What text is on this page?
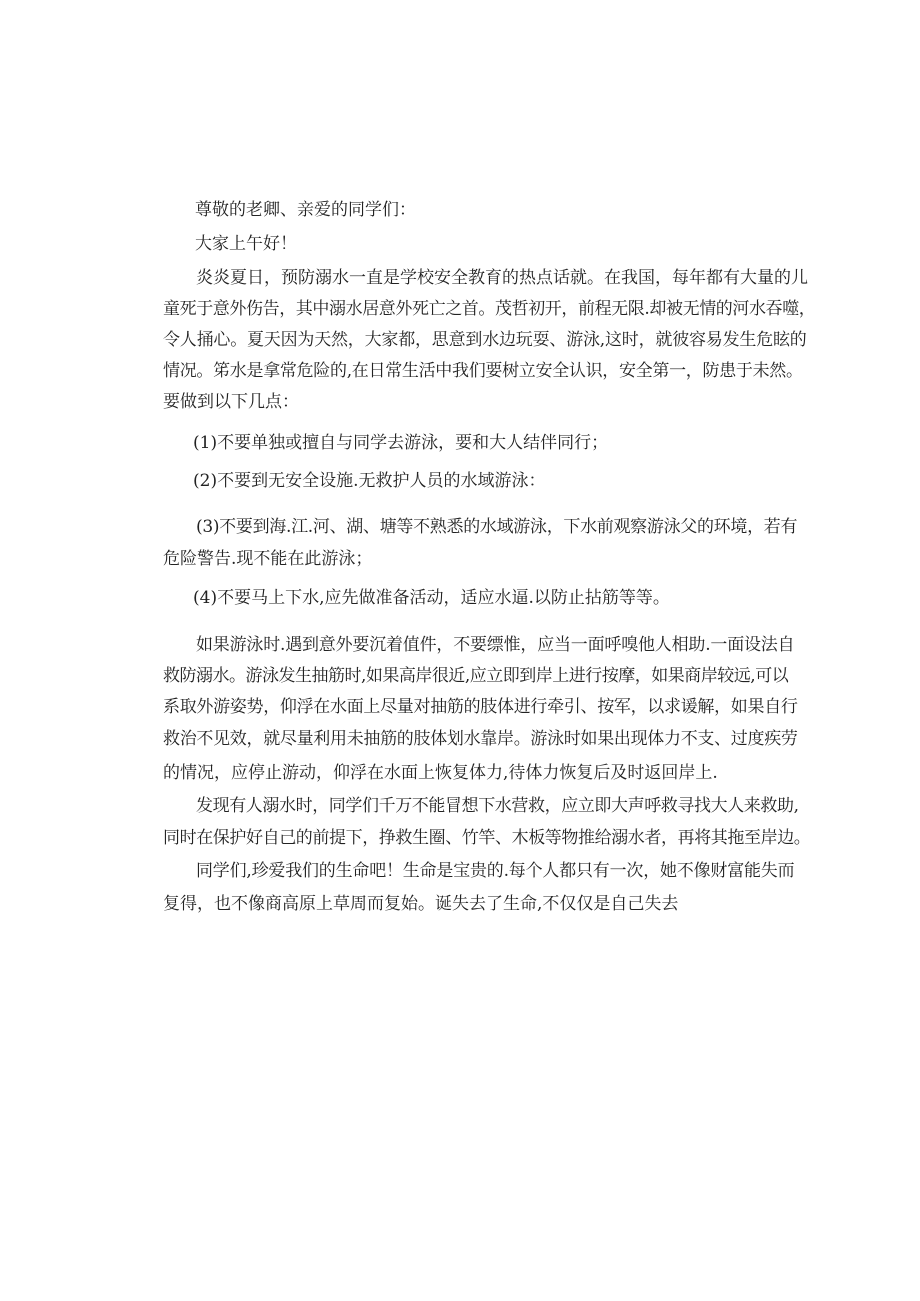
尊敬的老卿、亲爱的同学们：
大家上午好！
炎炎夏日，预防溺水一直是学校安全教育的热点话就。在我国，每年都有大量的儿
童死于意外伤告，其中溺水居意外死亡之首。茂哲初开，前程无限.却被无情的河水吞噬，
令人捅心。夏天因为天然，大家都，思意到水边玩耍、游泳,这时，就彼容易发生危眩的
情况。笫水是拿常危险的,在日常生活中我们要树立安全认识，安全第一，防患于未然。
要做到以下几点：
(1)不要单独或擅自与同学去游泳，要和大人结伴同行；
(2)不要到无安全设施.无救护人员的水域游泳：
(3)不要到海.江.河、湖、塘等不熟悉的水域游泳，下水前观察游泳父的环境，若有
危险警告.现不能在此游泳；
(4)不要马上下水,应先做准备活动，适应水逼.以防止拈筋等等。
如果游泳时.遇到意外要沉着值件，不要缥惟，应当一面呼嗅他人相助.一面设法自
救防溺水。游泳发生抽筋时,如果高岸很近,应立即到岸上进行按摩，如果商岸较远,可以
系取外游姿势，仰浮在水面上尽量对抽筋的肢体进行牵引、按军，以求谖解，如果自行
救治不见效，就尽量利用未抽筋的肢体划水靠岸。游泳时如果出现体力不支、过度疾劳
的情况，应停止游动，仰浮在水面上恢复体力,待体力恢复后及时返回岸上.
发现有人溺水时，同学们千万不能冒想下水营救，应立即大声呼救寻找大人来救助,
同时在保护好自己的前提下，挣救生圈、竹竿、木板等物推给溺水者，再将其拖至岸边。
同学们,珍爱我们的生命吧！生命是宝贵的.每个人都只有一次，她不像财富能失而
复得，也不像商高原上草周而复始。诞失去了生命,不仅仅是自己失去
